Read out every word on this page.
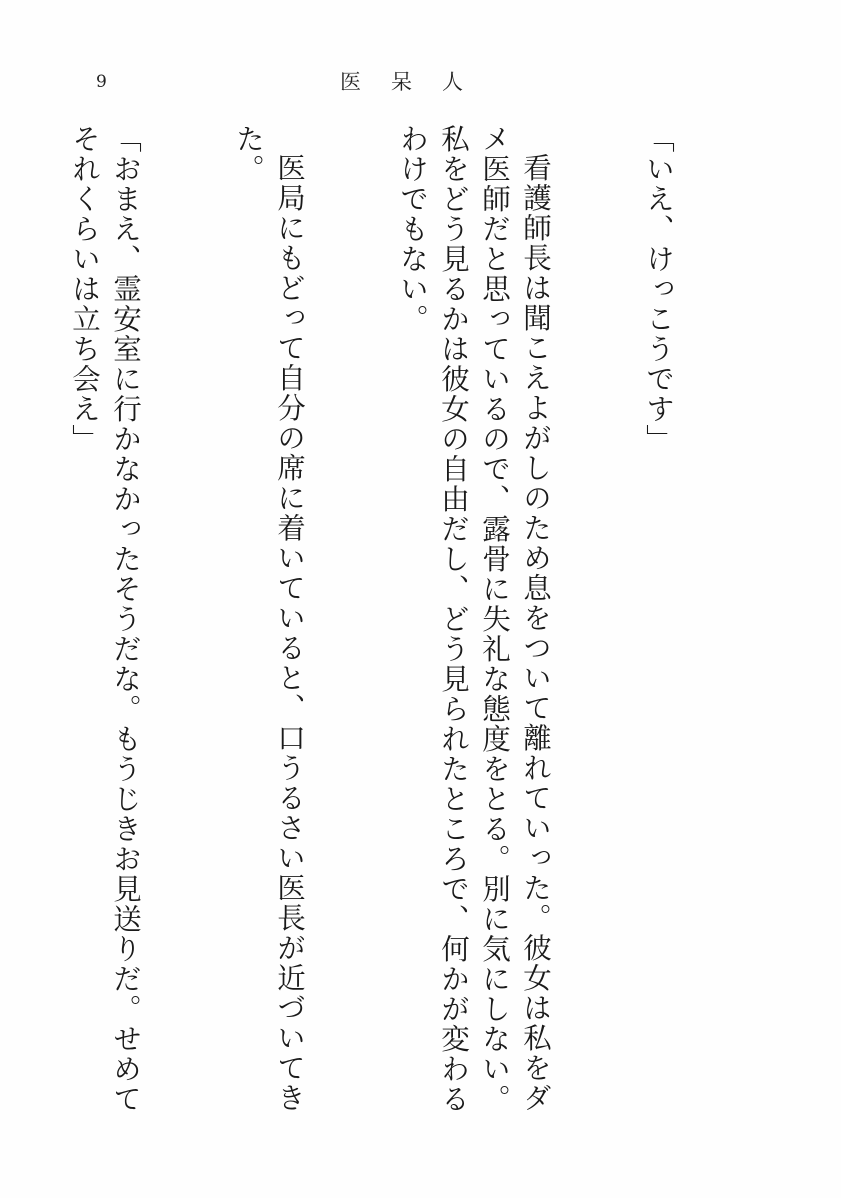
9	医呆人

「いえ、けっこうです」

看護師長は聞こえよがしのため息をついて離れていった。彼女は私をダメ医師だと思っているので、露骨に失礼な態度をとる。別に気にしない。私をどう見るかは彼女の自由だし、どう見られたところで、何かが変わるわけでもない。

医局にもどって自分の席に着いていると、口うるさい医長が近づいてきた。

「おまえ、霊安室に行かなかったそうだな。もうじきお見送りだ。せめてそれくらいは立ち会え」
